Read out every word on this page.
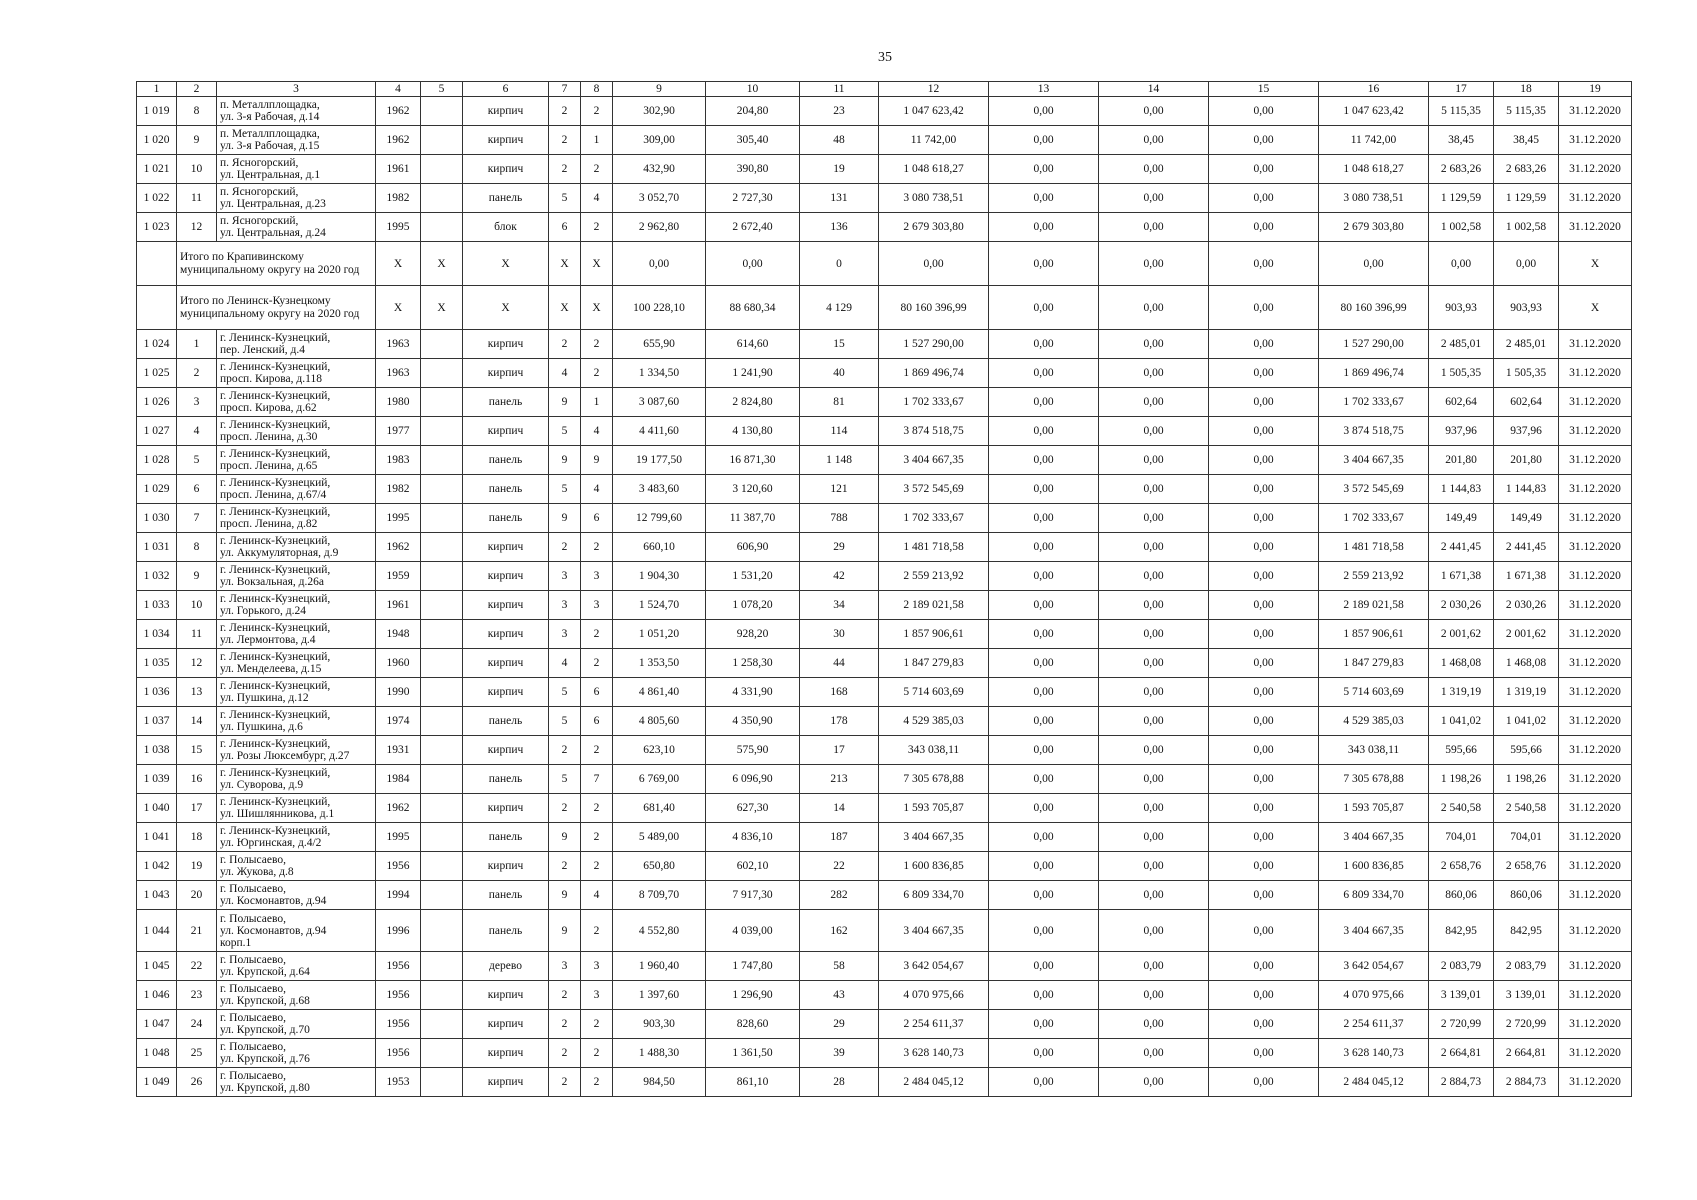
35
1	2	3	4	5	6	7	8	9	10	11	12	13	14	15	16	17	18	19
1 019	8	п. Металлплощадка,
ул. 3-я Рабочая, д.14	1962		кирпич	2	2	302,90	204,80	23	1 047 623,42	0,00	0,00	0,00	1 047 623,42	5 115,35	5 115,35	31.12.2020
1 020	9	п. Металлплощадка,
ул. 3-я Рабочая, д.15	1962		кирпич	2	1	309,00	305,40	48	11 742,00	0,00	0,00	0,00	11 742,00	38,45	38,45	31.12.2020
1 021	10	п. Ясногорский,
ул. Центральная, д.1	1961		кирпич	2	2	432,90	390,80	19	1 048 618,27	0,00	0,00	0,00	1 048 618,27	2 683,26	2 683,26	31.12.2020
1 022	11	п. Ясногорский,
ул. Центральная, д.23	1982		панель	5	4	3 052,70	2 727,30	131	3 080 738,51	0,00	0,00	0,00	3 080 738,51	1 129,59	1 129,59	31.12.2020
1 023	12	п. Ясногорский,
ул. Центральная, д.24	1995		блок	6	2	2 962,80	2 672,40	136	2 679 303,80	0,00	0,00	0,00	2 679 303,80	1 002,58	1 002,58	31.12.2020
	Итого по Крапивинскому муниципальному округу на 2020 год		X	X	X	X	X	0,00	0,00	0	0,00	0,00	0,00	0,00	0,00	0,00	0,00	X
	Итого по Ленинск-Кузнецкому муниципальному округу на 2020 год		X	X	X	X	X	100 228,10	88 680,34	4 129	80 160 396,99	0,00	0,00	0,00	80 160 396,99	903,93	903,93	X
1 024	1	г. Ленинск-Кузнецкий,
пер. Ленский, д.4	1963		кирпич	2	2	655,90	614,60	15	1 527 290,00	0,00	0,00	0,00	1 527 290,00	2 485,01	2 485,01	31.12.2020
1 025	2	г. Ленинск-Кузнецкий,
просп. Кирова, д.118	1963		кирпич	4	2	1 334,50	1 241,90	40	1 869 496,74	0,00	0,00	0,00	1 869 496,74	1 505,35	1 505,35	31.12.2020
1 026	3	г. Ленинск-Кузнецкий,
просп. Кирова, д.62	1980		панель	9	1	3 087,60	2 824,80	81	1 702 333,67	0,00	0,00	0,00	1 702 333,67	602,64	602,64	31.12.2020
1 027	4	г. Ленинск-Кузнецкий,
просп. Ленина, д.30	1977		кирпич	5	4	4 411,60	4 130,80	114	3 874 518,75	0,00	0,00	0,00	3 874 518,75	937,96	937,96	31.12.2020
1 028	5	г. Ленинск-Кузнецкий,
просп. Ленина, д.65	1983		панель	9	9	19 177,50	16 871,30	1 148	3 404 667,35	0,00	0,00	0,00	3 404 667,35	201,80	201,80	31.12.2020
1 029	6	г. Ленинск-Кузнецкий,
просп. Ленина, д.67/4	1982		панель	5	4	3 483,60	3 120,60	121	3 572 545,69	0,00	0,00	0,00	3 572 545,69	1 144,83	1 144,83	31.12.2020
1 030	7	г. Ленинск-Кузнецкий,
просп. Ленина, д.82	1995		панель	9	6	12 799,60	11 387,70	788	1 702 333,67	0,00	0,00	0,00	1 702 333,67	149,49	149,49	31.12.2020
1 031	8	г. Ленинск-Кузнецкий,
ул. Аккумуляторная, д.9	1962		кирпич	2	2	660,10	606,90	29	1 481 718,58	0,00	0,00	0,00	1 481 718,58	2 441,45	2 441,45	31.12.2020
1 032	9	г. Ленинск-Кузнецкий,
ул. Вокзальная, д.26а	1959		кирпич	3	3	1 904,30	1 531,20	42	2 559 213,92	0,00	0,00	0,00	2 559 213,92	1 671,38	1 671,38	31.12.2020
1 033	10	г. Ленинск-Кузнецкий,
ул. Горького, д.24	1961		кирпич	3	3	1 524,70	1 078,20	34	2 189 021,58	0,00	0,00	0,00	2 189 021,58	2 030,26	2 030,26	31.12.2020
1 034	11	г. Ленинск-Кузнецкий,
ул. Лермонтова, д.4	1948		кирпич	3	2	1 051,20	928,20	30	1 857 906,61	0,00	0,00	0,00	1 857 906,61	2 001,62	2 001,62	31.12.2020
1 035	12	г. Ленинск-Кузнецкий,
ул. Менделеева, д.15	1960		кирпич	4	2	1 353,50	1 258,30	44	1 847 279,83	0,00	0,00	0,00	1 847 279,83	1 468,08	1 468,08	31.12.2020
1 036	13	г. Ленинск-Кузнецкий,
ул. Пушкина, д.12	1990		кирпич	5	6	4 861,40	4 331,90	168	5 714 603,69	0,00	0,00	0,00	5 714 603,69	1 319,19	1 319,19	31.12.2020
1 037	14	г. Ленинск-Кузнецкий,
ул. Пушкина, д.6	1974		панель	5	6	4 805,60	4 350,90	178	4 529 385,03	0,00	0,00	0,00	4 529 385,03	1 041,02	1 041,02	31.12.2020
1 038	15	г. Ленинск-Кузнецкий,
ул. Розы Люксембург, д.27	1931		кирпич	2	2	623,10	575,90	17	343 038,11	0,00	0,00	0,00	343 038,11	595,66	595,66	31.12.2020
1 039	16	г. Ленинск-Кузнецкий,
ул. Суворова, д.9	1984		панель	5	7	6 769,00	6 096,90	213	7 305 678,88	0,00	0,00	0,00	7 305 678,88	1 198,26	1 198,26	31.12.2020
1 040	17	г. Ленинск-Кузнецкий,
ул. Шишлянникова, д.1	1962		кирпич	2	2	681,40	627,30	14	1 593 705,87	0,00	0,00	0,00	1 593 705,87	2 540,58	2 540,58	31.12.2020
1 041	18	г. Ленинск-Кузнецкий,
ул. Юргинская, д.4/2	1995		панель	9	2	5 489,00	4 836,10	187	3 404 667,35	0,00	0,00	0,00	3 404 667,35	704,01	704,01	31.12.2020
1 042	19	г. Полысаево,
ул. Жукова, д.8	1956		кирпич	2	2	650,80	602,10	22	1 600 836,85	0,00	0,00	0,00	1 600 836,85	2 658,76	2 658,76	31.12.2020
1 043	20	г. Полысаево,
ул. Космонавтов, д.94	1994		панель	9	4	8 709,70	7 917,30	282	6 809 334,70	0,00	0,00	0,00	6 809 334,70	860,06	860,06	31.12.2020
1 044	21	г. Полысаево,
ул. Космонавтов, д.94
корп.1	1996		панель	9	2	4 552,80	4 039,00	162	3 404 667,35	0,00	0,00	0,00	3 404 667,35	842,95	842,95	31.12.2020
1 045	22	г. Полысаево,
ул. Крупской, д.64	1956		дерево	3	3	1 960,40	1 747,80	58	3 642 054,67	0,00	0,00	0,00	3 642 054,67	2 083,79	2 083,79	31.12.2020
1 046	23	г. Полысаево,
ул. Крупской, д.68	1956		кирпич	2	3	1 397,60	1 296,90	43	4 070 975,66	0,00	0,00	0,00	4 070 975,66	3 139,01	3 139,01	31.12.2020
1 047	24	г. Полысаево,
ул. Крупской, д.70	1956		кирпич	2	2	903,30	828,60	29	2 254 611,37	0,00	0,00	0,00	2 254 611,37	2 720,99	2 720,99	31.12.2020
1 048	25	г. Полысаево,
ул. Крупской, д.76	1956		кирпич	2	2	1 488,30	1 361,50	39	3 628 140,73	0,00	0,00	0,00	3 628 140,73	2 664,81	2 664,81	31.12.2020
1 049	26	г. Полысаево,
ул. Крупской, д.80	1953		кирпич	2	2	984,50	861,10	28	2 484 045,12	0,00	0,00	0,00	2 484 045,12	2 884,73	2 884,73	31.12.2020
